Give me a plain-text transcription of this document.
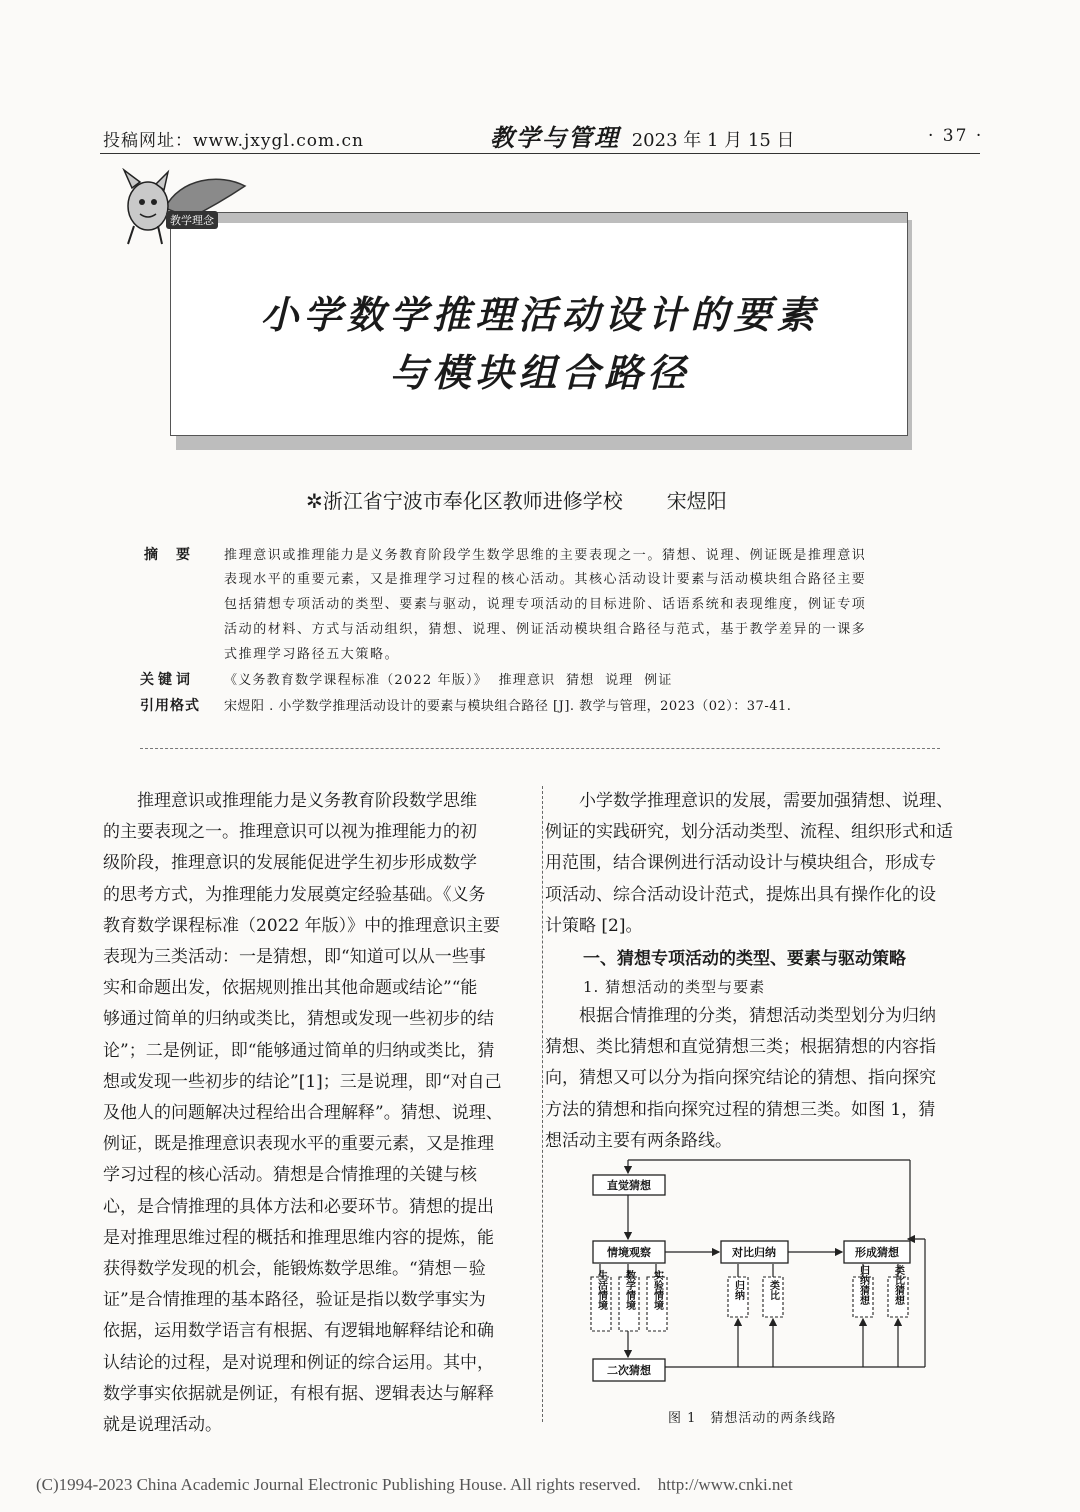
投稿网址：www.jxygl.com.cn	教学与管理 2023 年 1 月 15 日	· 37 ·
小学数学推理活动设计的要素
与模块组合路径
教学理念
✲浙江省宁波市奉化区教师进修学校 宋煜阳
摘要 推理意识或推理能力是义务教育阶段学生数学思维的主要表现之一。猜想、说理、例证既是推理意识
表现水平的重要元素，又是推理学习过程的核心活动。其核心活动设计要素与活动模块组合路径主要
包括猜想专项活动的类型、要素与驱动，说理专项活动的目标进阶、话语系统和表现维度，例证专项
活动的材料、方式与活动组织，猜想、说理、例证活动模块组合路径与范式，基于教学差异的一课多
式推理学习路径五大策略。
关键词 《义务教育数学课程标准（2022 年版）》  推理意识  猜想  说理  例证
引用格式 宋煜阳 . 小学数学推理活动设计的要素与模块组合路径 [J]. 教学与管理，2023（02）：37-41.
　　推理意识或推理能力是义务教育阶段数学思维
的主要表现之一。推理意识可以视为推理能力的初
级阶段，推理意识的发展能促进学生初步形成数学
的思考方式，为推理能力发展奠定经验基础。《义务
教育数学课程标准（2022 年版）》中的推理意识主要
表现为三类活动：一是猜想，即“知道可以从一些事
实和命题出发，依据规则推出其他命题或结论”“能
够通过简单的归纳或类比，猜想或发现一些初步的结
论”；二是例证，即“能够通过简单的归纳或类比，猜
想或发现一些初步的结论”[1]；三是说理，即“对自己
及他人的问题解决过程给出合理解释”。猜想、说理、
例证，既是推理意识表现水平的重要元素，又是推理
学习过程的核心活动。猜想是合情推理的关键与核
心，是合情推理的具体方法和必要环节。猜想的提出
是对推理思维过程的概括和推理思维内容的提炼，能
获得数学发现的机会，能锻炼数学思维。“猜想－验
证”是合情推理的基本路径，验证是指以数学事实为
依据，运用数学语言有根据、有逻辑地解释结论和确
认结论的过程，是对说理和例证的综合运用。其中，
数学事实依据就是例证，有根有据、逻辑表达与解释
就是说理活动。
　　小学数学推理意识的发展，需要加强猜想、说理、
例证的实践研究，划分活动类型、流程、组织形式和适
用范围，结合课例进行活动设计与模块组合，形成专
项活动、综合活动设计范式，提炼出具有操作化的设
计策略 [2]。
一、猜想专项活动的类型、要素与驱动策略
1. 猜想活动的类型与要素
　　根据合情推理的分类，猜想活动类型划分为归纳
猜想、类比猜想和直觉猜想三类；根据猜想的内容指
向，猜想又可以分为指向探究结论的猜想、指向探究
方法的猜想和指向探究过程的猜想三类。如图 1，猜
想活动主要有两条路线。
直觉猜想
情境观察	对比归纳	形成猜想
二次猜想
生活情境 数学情境 实验情境	归纳 类比	归纳猜想 类比猜想
图 1　猜想活动的两条线路
(C)1994-2023 China Academic Journal Electronic Publishing House. All rights reserved.    http://www.cnki.net
